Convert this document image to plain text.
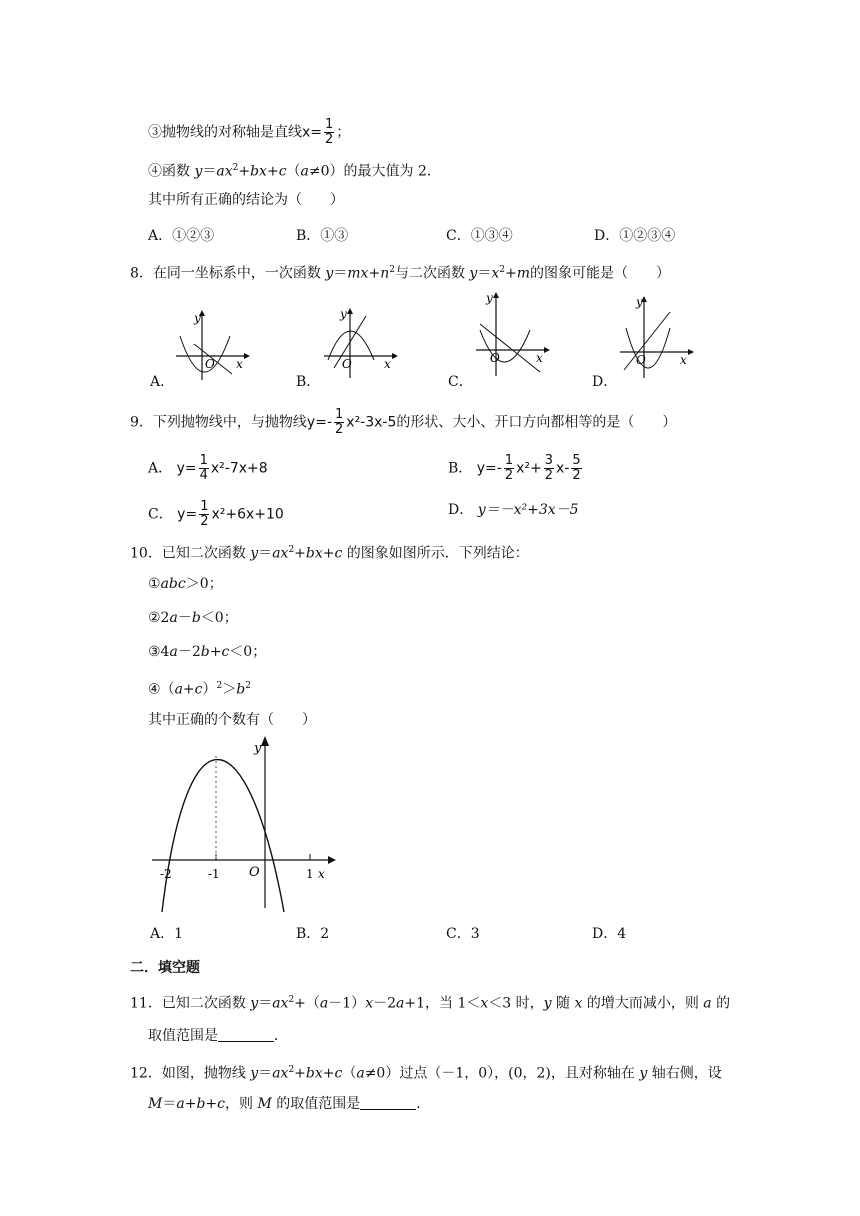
③抛物线的对称轴是直线$x= \frac{1}{2}$ ；
④函数 $y=ax^2+bx+c(a\ne 0)$的最大值为 2．
其中所有正确的结论为（　　）
A．①②③	B．①③	C．①③④	D．①②③④
8．在同一坐标系中，一次函数 $y=mx+n^2$与二次函数 $y=x^2+m$的图象可能是（　　）
A．	B．	C．	D．
y
x
O
y
x
O
y
x
O
y
x
O
9．下列抛物线中，与抛物线$y=- \frac{1}{2} x^2-3x-5$的形状、大小、开口方向都相等的是（　　）
A． $y= \frac{1}{4} x^2-7x+8$	B． $y=- \frac{1}{2} x^2+ \frac{3}{2} x- \frac{5}{2}$
C． $y= \frac{1}{2} x^2+6x+10$	D． y＝－x²+3x－5
10．已知二次函数 $y=ax^2+bx+c$ 的图象如图所示．下列结论：
①abc＞0；
②2a－b＜0；
③4a－2b+c＜0；
$④(a+c)^2>b^2$
其中正确的个数有（　　）
y
x
-2	-1 O	1
A．1	B．2	C．3	D．4
二．填空题
11．已知二次函数 $y=ax^2+(a-1)x-2a+1$，当 1＜x＜3 时，y 随 x 的增大而减小，则 a 的
取值范围是	．
12．如图，抛物线 $y=ax^2+bx+c(a\ne 0)$过点（－1，0），(0，2)，且对称轴在 y 轴右侧，设
M＝a+b+c，则 M 的取值范围是	．
